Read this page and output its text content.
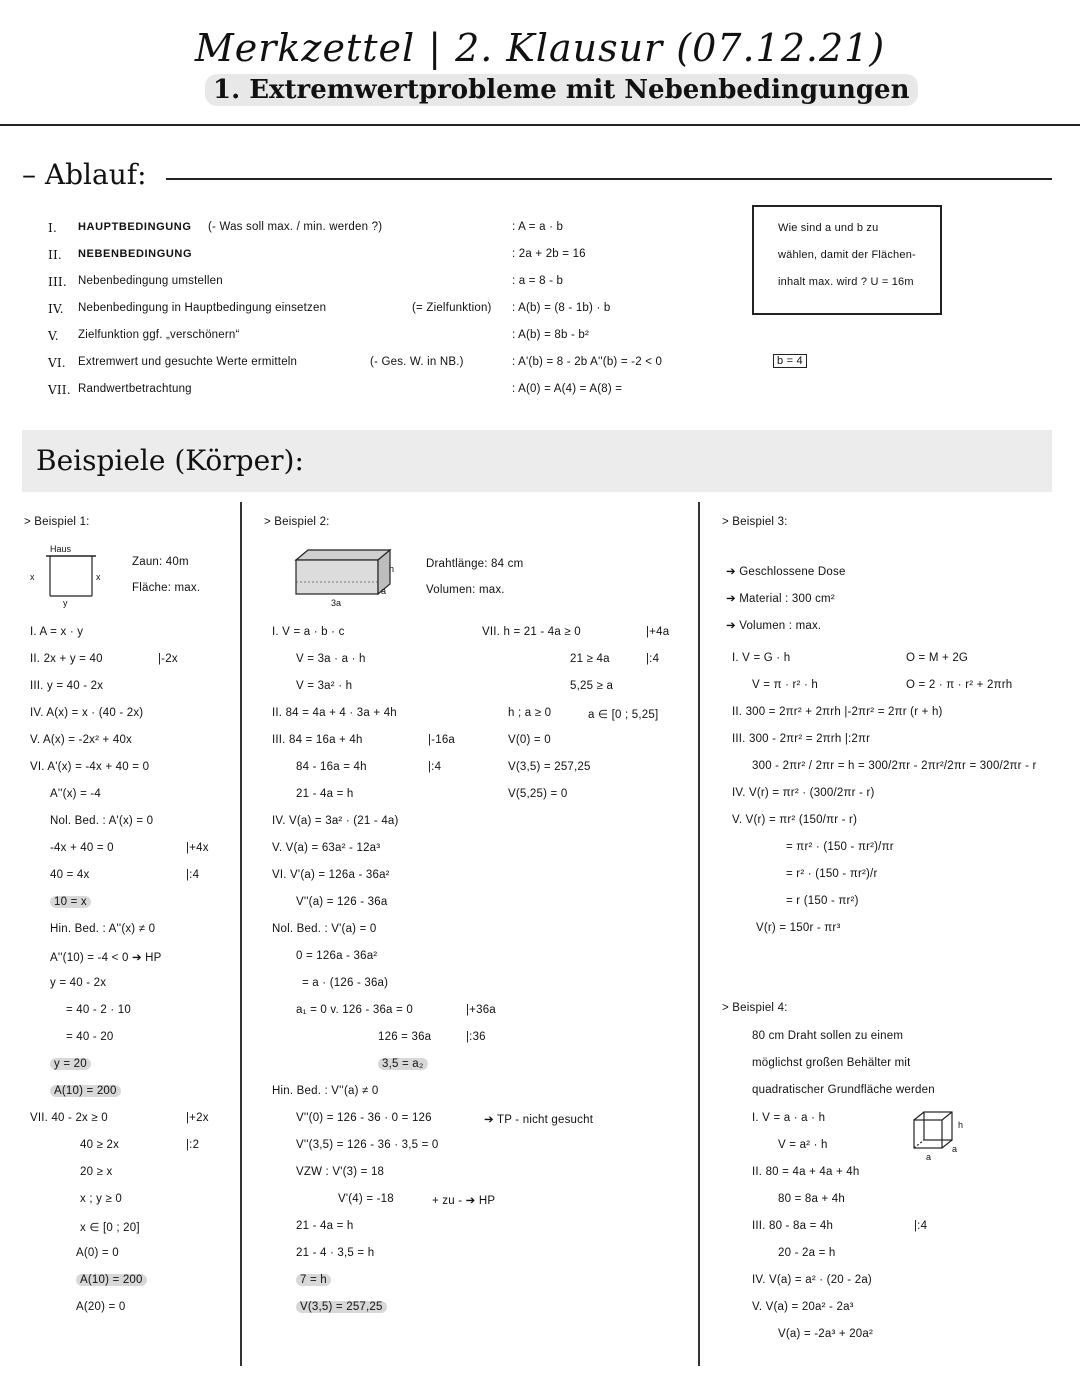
Merkzettel | 2. Klausur (07.12.21)
1. Extremwertprobleme mit Nebenbedingungen
– Ablauf:
I. HAUPTBEDINGUNG (- Was soll max. / min. werden ?)	: A = a · b
II. NEBENBEDINGUNG	: 2a + 2b = 16
III. Nebenbedingung umstellen	: a = 8 - b
IV. Nebenbedingung in Hauptbedingung einsetzen	(= Zielfunktion) : A(b) = (8 - 1b) · b
V. Zielfunktion ggf. „verschönern“	: A(b) = 8b - b²
VI. Extremwert und gesuchte Werte ermitteln	(- Ges. W. in NB.)	: A'(b) = 8 - 2b A''(b) = -2 < 0
VII. Randwertbetrachtung	: A(0) = A(4) = A(8) =
Wie sind a und b zu
wählen, damit der Flächen-
inhalt max. wird ? U = 16m
b = 4
Beispiele (Körper):
> Beispiel 1:
Haus
x	x
y
Zaun: 40m
Fläche: max.
I. A = x · y
II. 2x + y = 40	|-2x
III. y = 40 - 2x
IV. A(x) = x · (40 - 2x)
V. A(x) = -2x² + 40x
VI. A'(x) = -4x + 40 = 0
A''(x) = -4
Nol. Bed. : A'(x) = 0
-4x + 40 = 0	|+4x
40 = 4x	|:4
10 = x
Hin. Bed. : A''(x) ≠ 0
A''(10) = -4 < 0 ➔ HP
y = 40 - 2x
= 40 - 2 · 10
= 40 - 20
y = 20
A(10) = 200
VII. 40 - 2x ≥ 0	|+2x
40 ≥ 2x	|:2
20 ≥ x
x ; y ≥ 0
x ∈ [0 ; 20]
A(0) = 0
A(10) = 200
A(20) = 0
> Beispiel 2:
h
a
3a
Drahtlänge: 84 cm
Volumen: max.
I. V = a · b · c
V = 3a · a · h
V = 3a² · h
II. 84 = 4a + 4 · 3a + 4h
III. 84 = 16a + 4h	|-16a
84 - 16a = 4h	|:4
21 - 4a = h
IV. V(a) = 3a² · (21 - 4a)
V. V(a) = 63a² - 12a³
VI. V'(a) = 126a - 36a²
V''(a) = 126 - 36a
Nol. Bed. : V'(a) = 0
0 = 126a - 36a²
= a · (126 - 36a)
a₁ = 0 v. 126 - 36a = 0	|+36a
126 = 36a	|:36
3,5 = a₂
Hin. Bed. : V''(a) ≠ 0
V''(0) = 126 - 36 · 0 = 126	➔ TP - nicht gesucht
V''(3,5) = 126 - 36 · 3,5 = 0
VZW : V'(3) = 18
V'(4) = -18	+ zu - ➔ HP
21 - 4a = h
21 - 4 · 3,5 = h
7 = h
V(3,5) = 257,25
VII. h = 21 - 4a ≥ 0	|+4a
21 ≥ 4a	|:4
5,25 ≥ a
h ; a ≥ 0	a ∈ [0 ; 5,25]
V(0) = 0
V(3,5) = 257,25
V(5,25) = 0
> Beispiel 3:
➔ Geschlossene Dose
➔ Material : 300 cm²
➔ Volumen : max.
I. V = G · h	O = M + 2G
V = π · r² · h	O = 2 · π · r² + 2πrh
II. 300 = 2πr² + 2πrh |-2πr² = 2πr (r + h)
III. 300 - 2πr² = 2πrh |:2πr
300 - 2πr² / 2πr = h = 300/2πr - 2πr²/2πr = 300/2πr - r
IV. V(r) = πr² · (300/2πr - r)
V. V(r) = πr² (150/πr - r)
= πr² · (150 - πr²)/πr
= r² · (150 - πr²)/r
= r (150 - πr²)
V(r) = 150r - πr³
> Beispiel 4:
80 cm Draht sollen zu einem
möglichst großen Behälter mit
quadratischer Grundfläche werden
h
a
a
I. V = a · a · h
V = a² · h
II. 80 = 4a + 4a + 4h
80 = 8a + 4h
III. 80 - 8a = 4h	|:4
20 - 2a = h
IV. V(a) = a² · (20 - 2a)
V. V(a) = 20a² - 2a³
V(a) = -2a³ + 20a²
